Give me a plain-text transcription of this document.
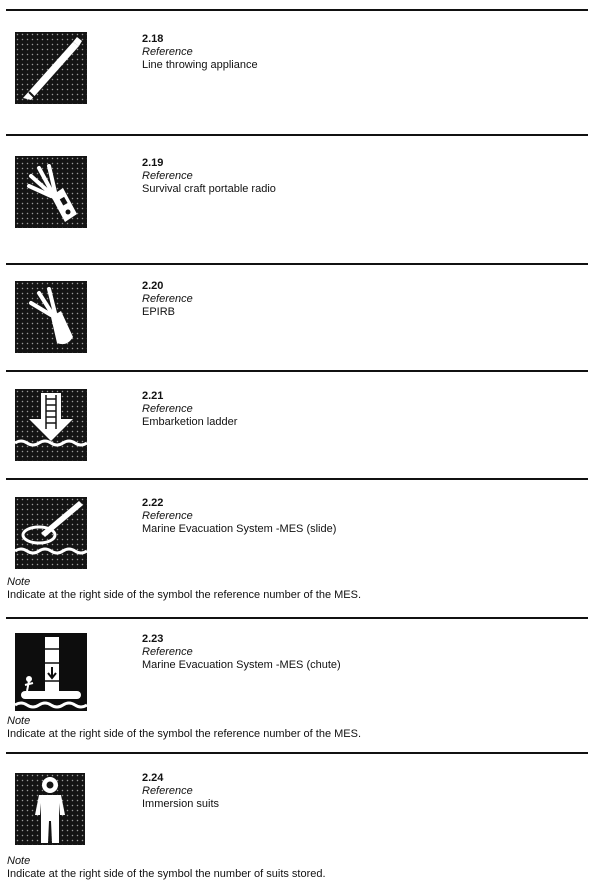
2.18
Reference
Line throwing appliance
2.19
Reference
Survival craft portable radio
2.20
Reference
EPIRB
2.21
Reference
Embarketion ladder
2.22
Reference
Marine Evacuation System -MES (slide)
Note
Indicate at the right side of the symbol the reference number of the MES.
2.23
Reference
Marine Evacuation System -MES (chute)
Note
Indicate at the right side of the symbol the reference number of the MES.
2.24
Reference
Immersion suits
Note
Indicate at the right side of the symbol the number of suits stored.
